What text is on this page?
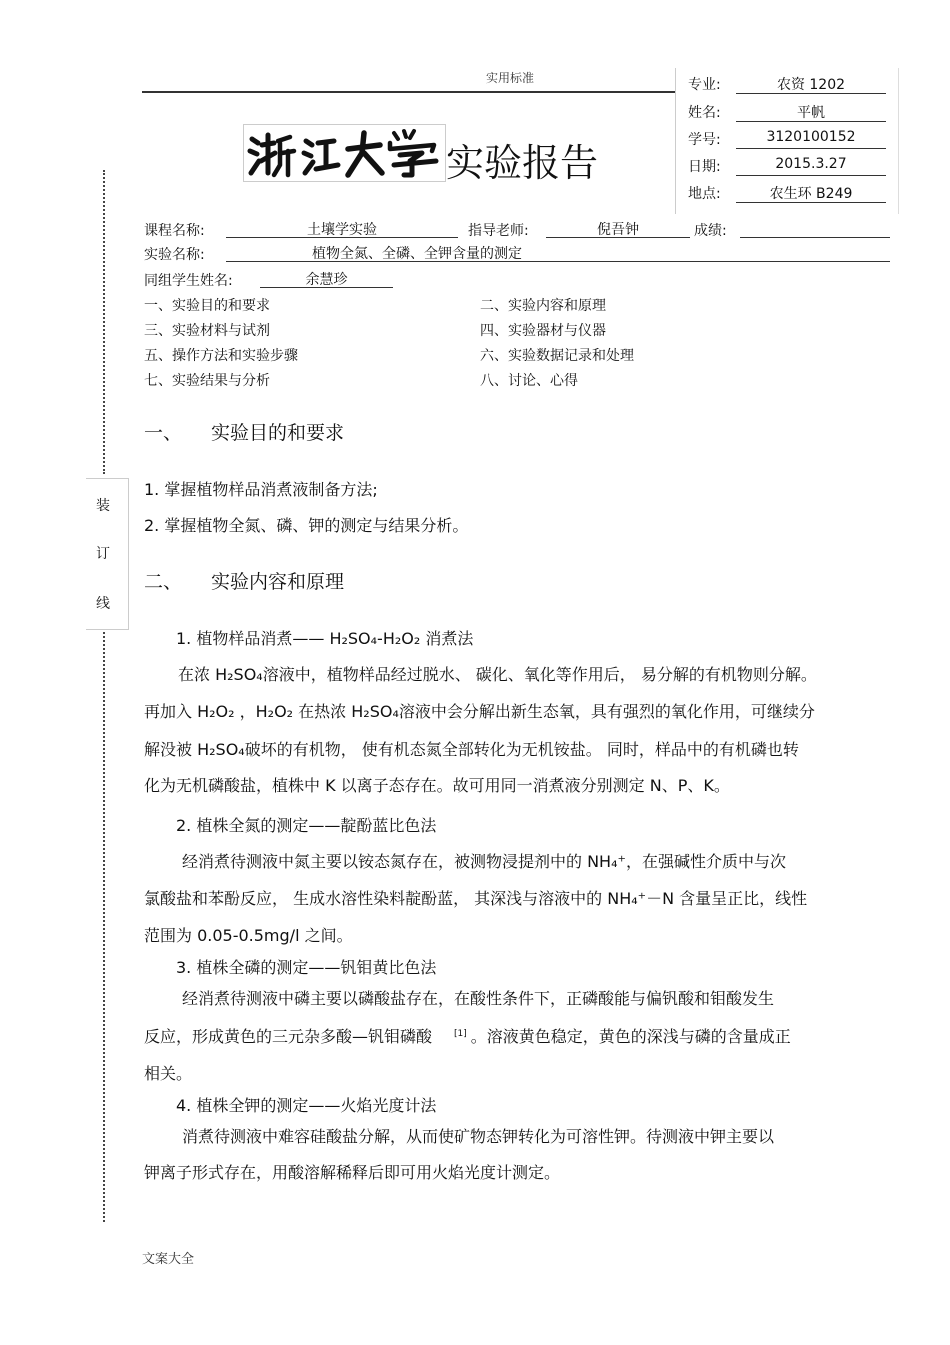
实用标准	专业:	农资 1202
姓名:	平帆
学号:	3120100152
日期:	2015.3.27
地点:	农生环 B249
实验报告
装
订
线
课程名称:	土壤学实验	指导老师:	倪吾钟	成绩:
实验名称:	植物全氮、全磷、全钾含量的测定
同组学生姓名:	余慧珍
一、实验目的和要求	二、实验内容和原理
三、实验材料与试剂	四、实验器材与仪器
五、操作方法和实验步骤	六、实验数据记录和处理
七、实验结果与分析	八、讨论、心得
一、 实验目的和要求
1. 掌握植物样品消煮液制备方法;
2. 掌握植物全氮、磷、钾的测定与结果分析。
二、 实验内容和原理
1. 植物样品消煮—— H₂SO₄-H₂O₂ 消煮法
在浓 H₂SO₄溶液中，植物样品经过脱水、 碳化、氧化等作用后， 易分解的有机物则分解。
再加入 H₂O₂ ，H₂O₂ 在热浓 H₂SO₄溶液中会分解出新生态氧，具有强烈的氧化作用，可继续分
解没被 H₂SO₄破坏的有机物， 使有机态氮全部转化为无机铵盐。 同时，样品中的有机磷也转
化为无机磷酸盐，植株中 K 以离子态存在。故可用同一消煮液分别测定 N、P、K。
2. 植株全氮的测定——靛酚蓝比色法
经消煮待测液中氮主要以铵态氮存在，被测物浸提剂中的 NH₄⁺，在强碱性介质中与次
氯酸盐和苯酚反应， 生成水溶性染料靛酚蓝， 其深浅与溶液中的 NH₄⁺－N 含量呈正比，线性
范围为 0.05-0.5mg/l 之间。
3. 植株全磷的测定——钒钼黄比色法
经消煮待测液中磷主要以磷酸盐存在，在酸性条件下，正磷酸能与偏钒酸和钼酸发生
反应，形成黄色的三元杂多酸—钒钼磷酸 [1] 。溶液黄色稳定，黄色的深浅与磷的含量成正
相关。
4. 植株全钾的测定——火焰光度计法
消煮待测液中难容硅酸盐分解，从而使矿物态钾转化为可溶性钾。待测液中钾主要以
钾离子形式存在，用酸溶解稀释后即可用火焰光度计测定。
文案大全
